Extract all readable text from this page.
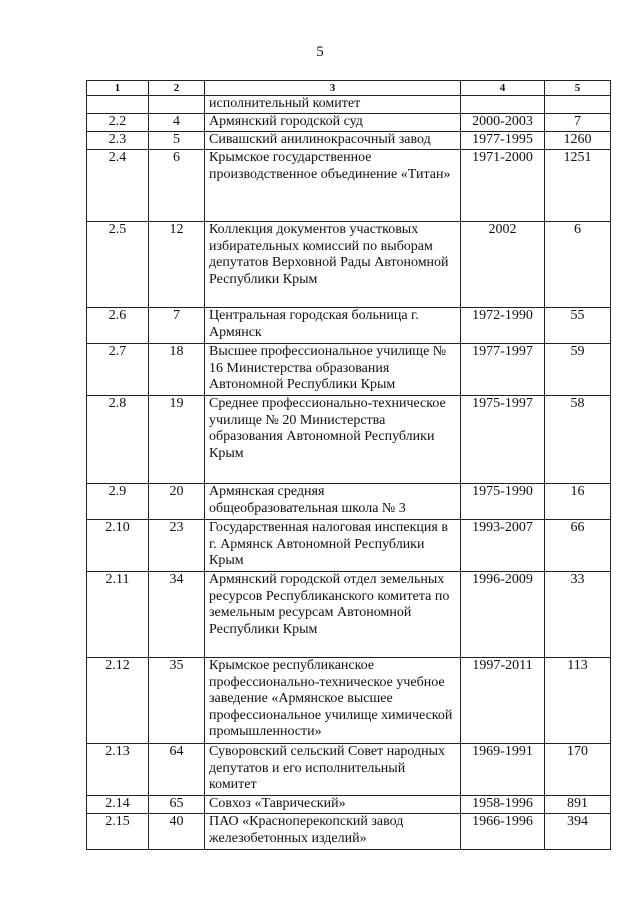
5
1	2	3	4	5
		исполнительный комитет		
2.2	4	Армянский городской суд	2000-2003	7
2.3	5	Сивашский анилинокрасочный завод	1977-1995	1260
2.4	6	Крымское государственное производственное объединение «Титан»	1971-2000	1251
2.5	12	Коллекция документов участковых избирательных комиссий по выборам депутатов Верховной Рады Автономной Республики Крым	2002	6
2.6	7	Центральная городская больница г. Армянск	1972-1990	55
2.7	18	Высшее профессиональное училище № 16 Министерства образования Автономной Республики Крым	1977-1997	59
2.8	19	Среднее профессионально-техническое училище № 20 Министерства образования Автономной Республики Крым	1975-1997	58
2.9	20	Армянская средняя общеобразовательная школа № 3	1975-1990	16
2.10	23	Государственная налоговая инспекция в г. Армянск Автономной Республики Крым	1993-2007	66
2.11	34	Армянский городской отдел земельных ресурсов Республиканского комитета по земельным ресурсам Автономной Республики Крым	1996-2009	33
2.12	35	Крымское республиканское профессионально-техническое учебное заведение «Армянское высшее профессиональное училище химической промышленности»	1997-2011	113
2.13	64	Суворовский сельский Совет народных депутатов и его исполнительный комитет	1969-1991	170
2.14	65	Совхоз «Таврический»	1958-1996	891
2.15	40	ПАО «Красноперекопский завод железобетонных изделий»	1966-1996	394
